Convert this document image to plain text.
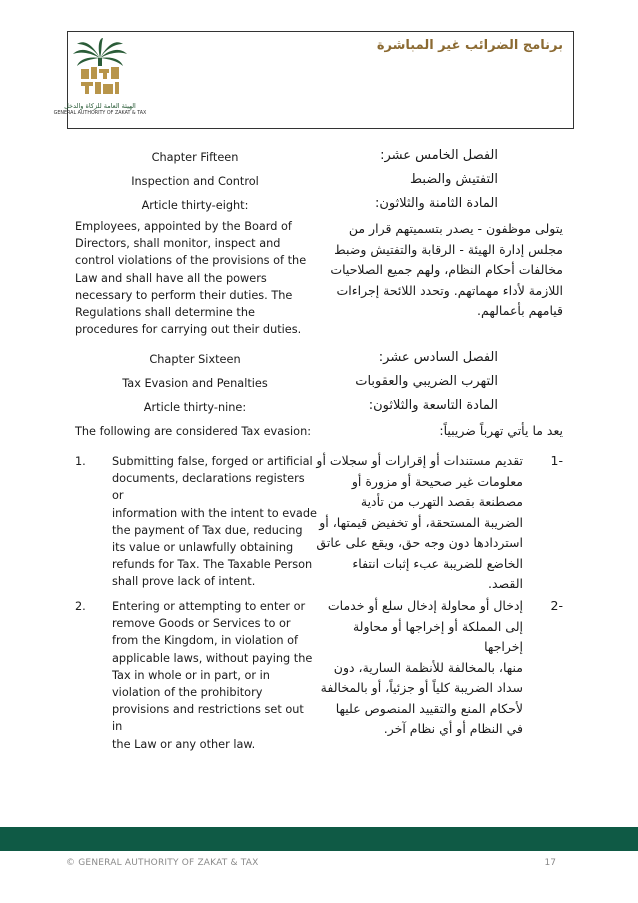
الهيئة العامة للزكاة والدخل
GENERAL AUTHORITY OF ZAKAT & TAX
برنامج الضرائب غير المباشرة
Chapter Fifteen
Inspection and Control
Article thirty-eight:
الفصل الخامس عشر:
التفتيش والضبط
المادة الثامنة والثلاثون:
Employees, appointed by the Board of
Directors, shall monitor, inspect and
control violations of the provisions of the
Law and shall have all the powers
necessary to perform their duties. The
Regulations shall determine the
procedures for carrying out their duties.
يتولى موظفون - يصدر بتسميتهم قرار من
مجلس إدارة الهيئة - الرقابة والتفتيش وضبط
مخالفات أحكام النظام، ولهم جميع الصلاحيات
اللازمة لأداء مهماتهم. وتحدد اللائحة إجراءات
قيامهم بأعمالهم.
Chapter Sixteen
Tax Evasion and Penalties
Article thirty-nine:
الفصل السادس عشر:
التهرب الضريبي والعقوبات
المادة التاسعة والثلاثون:
The following are considered Tax evasion:	يعد ما يأتي تهرباً ضريبياً:
1.	Submitting false, forged or artificial
documents, declarations registers or
information with the intent to evade
the payment of Tax due, reducing
its value or unlawfully obtaining
refunds for Tax. The Taxable Person
shall prove lack of intent.
-1
تقديم مستندات أو إقرارات أو سجلات أو
معلومات غير صحيحة أو مزورة أو
مصطنعة بقصد التهرب من تأدية
الضريبة المستحقة، أو تخفيض قيمتها، أو
استردادها دون وجه حق، ويقع على عاتق
الخاضع للضريبة عبء إثبات انتفاء
القصد.
2.	Entering or attempting to enter or
remove Goods or Services to or
from the Kingdom, in violation of
applicable laws, without paying the
Tax in whole or in part, or in
violation of the prohibitory
provisions and restrictions set out in
the Law or any other law.
-2
إدخال أو محاولة إدخال سلع أو خدمات
إلى المملكة أو إخراجها أو محاولة إخراجها
منها، بالمخالفة للأنظمة السارية، دون
سداد الضريبة كلياً أو جزئياً، أو بالمخالفة
لأحكام المنع والتقييد المنصوص عليها
في النظام أو أي نظام آخر.
© GENERAL AUTHORITY OF ZAKAT & TAX	17
